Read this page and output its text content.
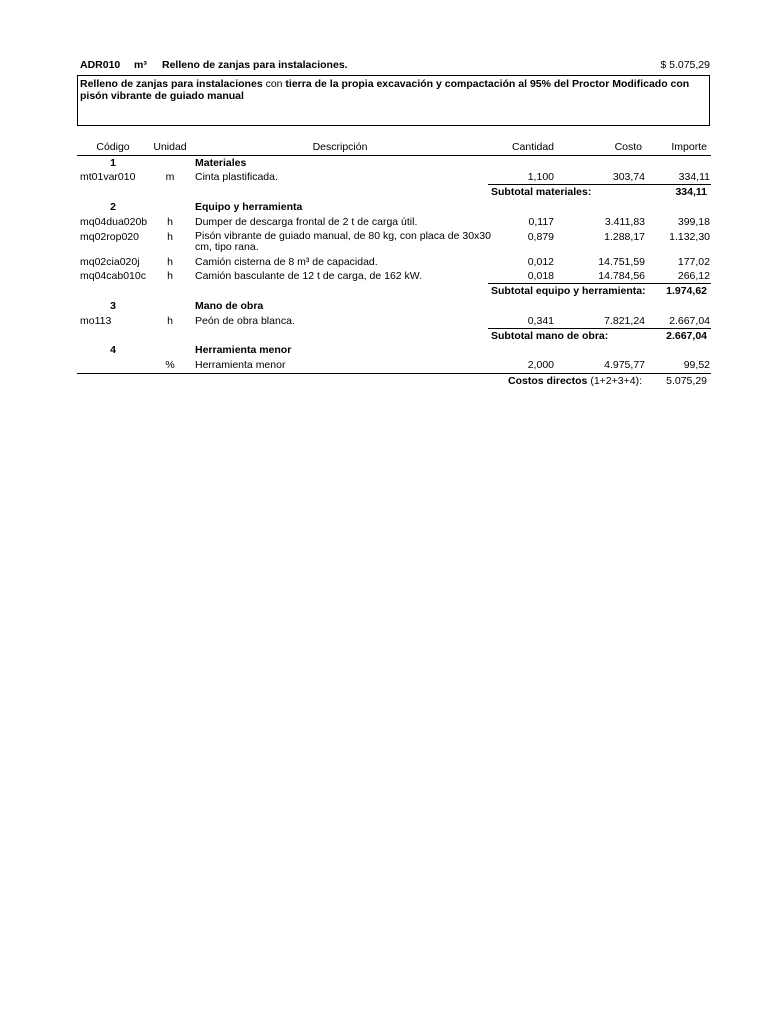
ADR010 m³ Relleno de zanjas para instalaciones.	$ 5.075,29
Relleno de zanjas para instalaciones con tierra de la propia excavación y compactación al 95% del Proctor Modificado con pisón vibrante de guiado manual
Código	Unidad	Descripción	Cantidad	Costo	Importe
1	Materiales
mt01var010	m	Cinta plastificada.	1,100	303,74	334,11
Subtotal materiales:	334,11
2	Equipo y herramienta
mq04dua020b	h	Dumper de descarga frontal de 2 t de carga útil.	0,117	3.411,83	399,18
mq02rop020	h	Pisón vibrante de guiado manual, de 80 kg, con placa de 30x30 cm, tipo rana.
0,879	1.288,17	1.132,30
mq02cia020j	h	Camión cisterna de 8 m³ de capacidad.	0,012	14.751,59	177,02
mq04cab010c	h	Camión basculante de 12 t de carga, de 162 kW.	0,018	14.784,56	266,12
Subtotal equipo y herramienta:	1.974,62
3	Mano de obra
mo113	h	Peón de obra blanca.	0,341	7.821,24	2.667,04
Subtotal mano de obra:	2.667,04
4	Herramienta menor
%	Herramienta menor	2,000	4.975,77	99,52
Costos directos (1+2+3+4):	5.075,29
